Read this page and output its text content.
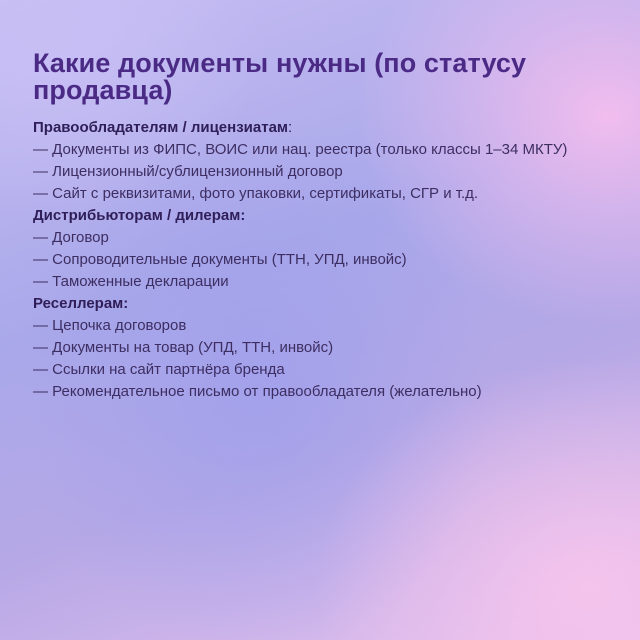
Какие документы нужны (по статусу продавца)

Правообладателям / лицензиатам:

— Документы из ФИПС, ВОИС или нац. реестра (только классы 1–34 МКТУ)

— Лицензионный/сублицензионный договор

— Сайт с реквизитами, фото упаковки, сертификаты, СГР и т.д.

Дистрибьюторам / дилерам:

— Договор

— Сопроводительные документы (ТТН, УПД, инвойс)

— Таможенные декларации

Реселлерам:

— Цепочка договоров

— Документы на товар (УПД, ТТН, инвойс)

— Ссылки на сайт партнёра бренда

— Рекомендательное письмо от правообладателя (желательно)
